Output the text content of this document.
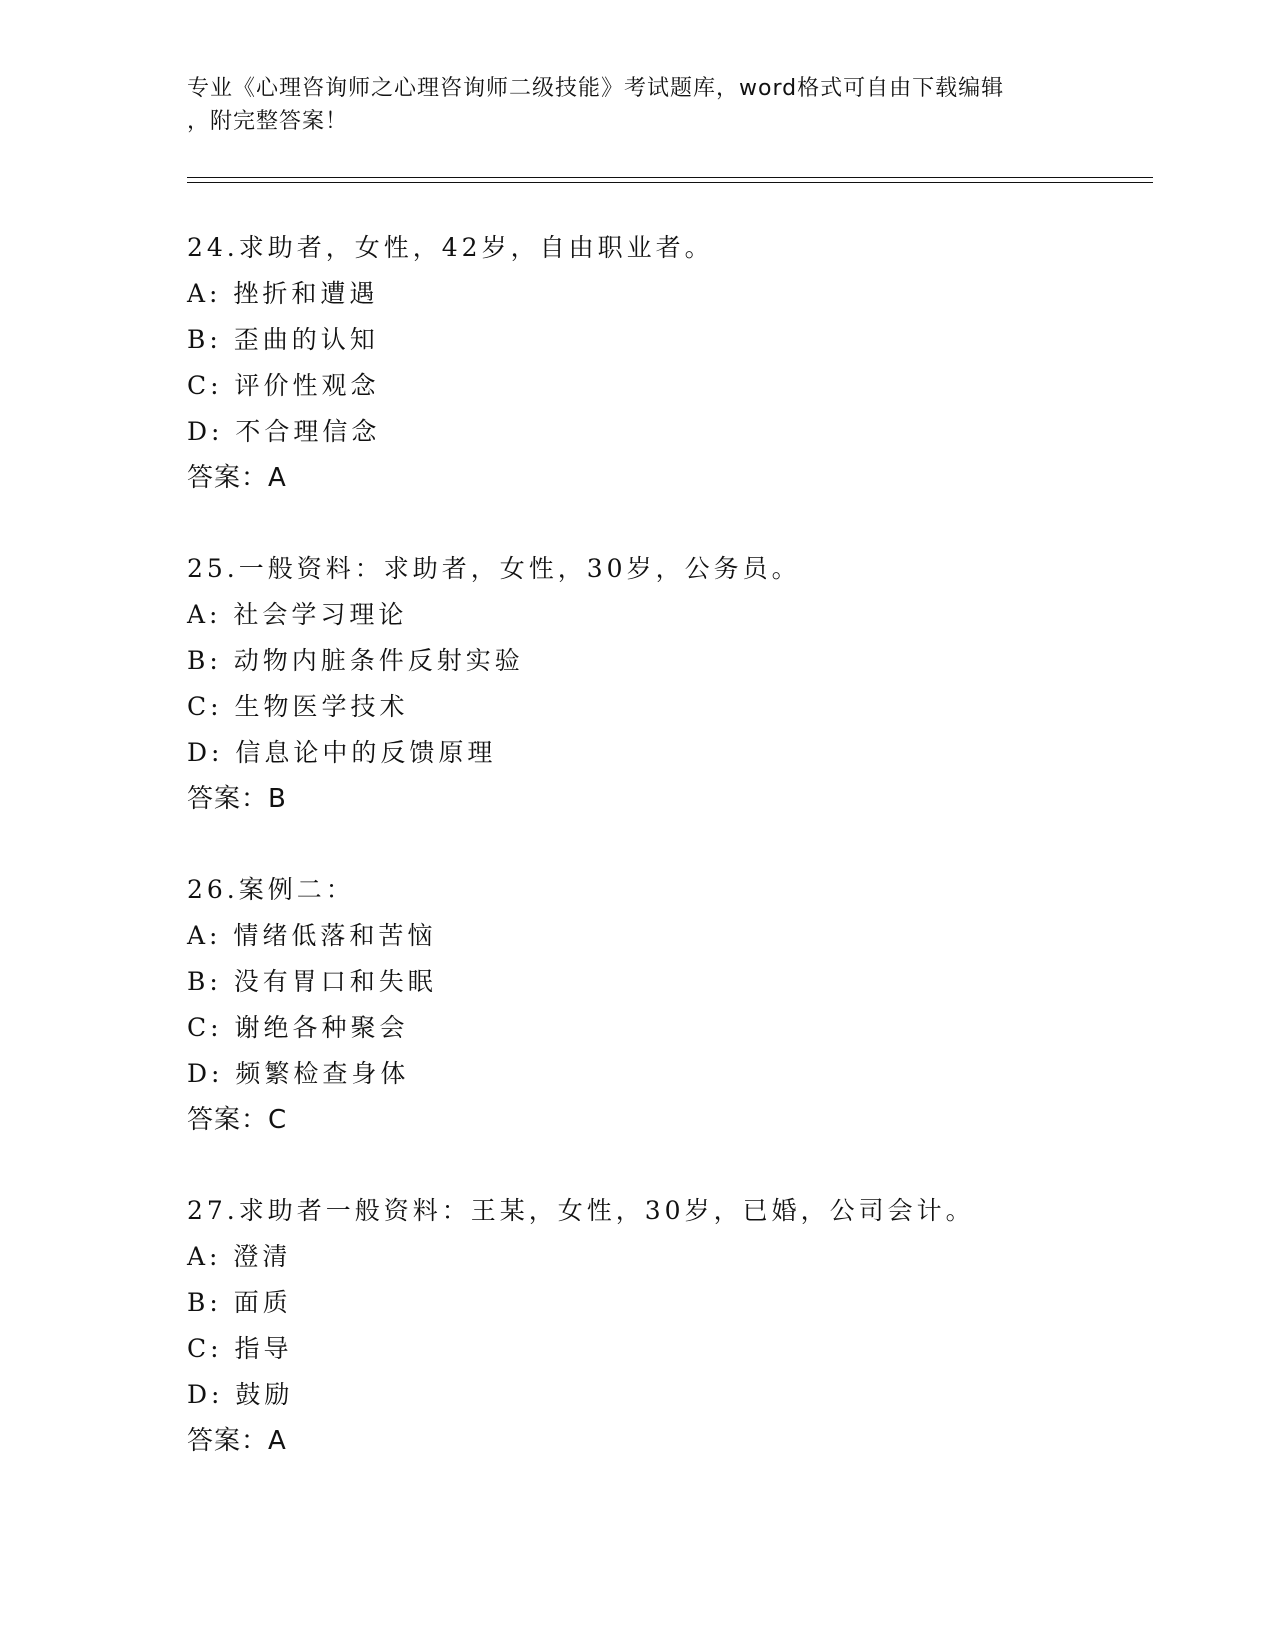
专业《心理咨询师之心理咨询师二级技能》考试题库，word格式可自由下载编辑
，附完整答案！
24.求助者，女性，42岁，自由职业者。
A: 挫折和遭遇
B: 歪曲的认知
C: 评价性观念
D: 不合理信念
答案：A
25.一般资料：求助者，女性，30岁，公务员。
A: 社会学习理论
B: 动物内脏条件反射实验
C: 生物医学技术
D: 信息论中的反馈原理
答案：B
26.案例二：
A: 情绪低落和苦恼
B: 没有胃口和失眠
C: 谢绝各种聚会
D: 频繁检查身体
答案：C
27.求助者一般资料：王某，女性，30岁，已婚，公司会计。
A: 澄清
B: 面质
C: 指导
D: 鼓励
答案：A
